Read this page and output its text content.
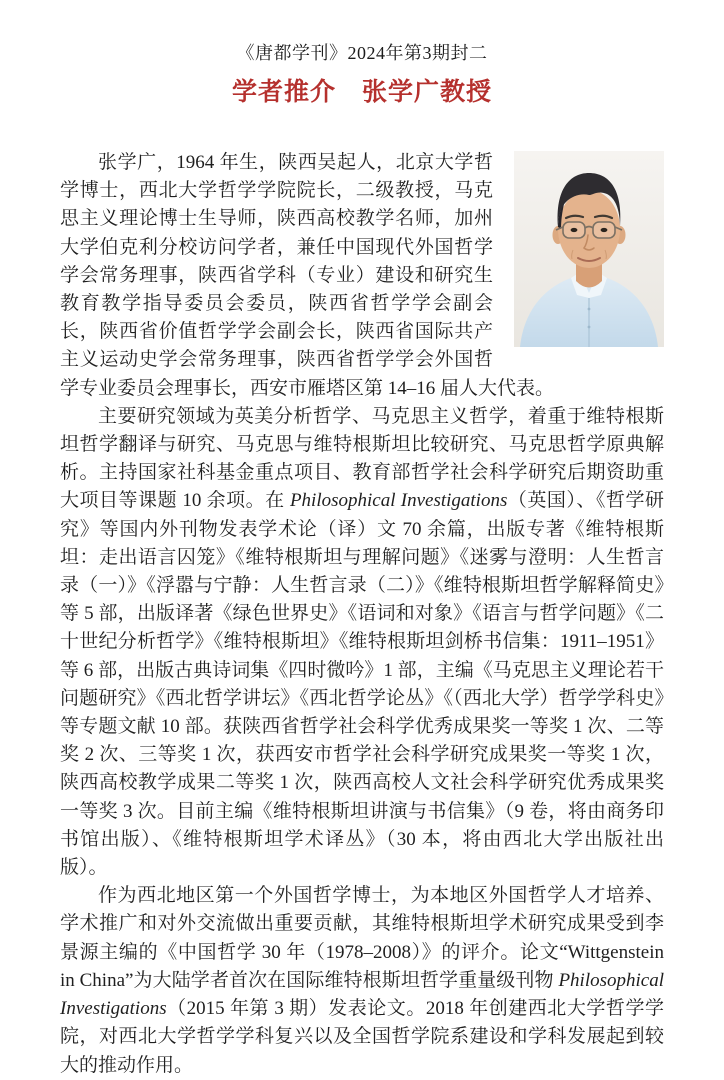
《唐都学刊》2024年第3期封二
学者推介　张学广教授

张学广，1964 年生，陕西吴起人，北京大学哲学博士，西北大学哲学学院院长，二级教授，马克思主义理论博士生导师，陕西高校教学名师，加州大学伯克利分校访问学者，兼任中国现代外国哲学学会常务理事，陕西省学科（专业）建设和研究生教育教学指导委员会委员，陕西省哲学学会副会长，陕西省价值哲学学会副会长，陕西省国际共产主义运动史学会常务理事，陕西省哲学学会外国哲学专业委员会理事长，西安市雁塔区第 14–16 届人大代表。

主要研究领域为英美分析哲学、马克思主义哲学，着重于维特根斯坦哲学翻译与研究、马克思与维特根斯坦比较研究、马克思哲学原典解析。主持国家社科基金重点项目、教育部哲学社会科学研究后期资助重大项目等课题 10 余项。在 Philosophical Investigations（英国）、《哲学研究》等国内外刊物发表学术论（译）文 70 余篇，出版专著《维特根斯坦：走出语言囚笼》《维特根斯坦与理解问题》《迷雾与澄明：人生哲言录（一）》《浮嚣与宁静：人生哲言录（二）》《维特根斯坦哲学解释简史》等 5 部，出版译著《绿色世界史》《语词和对象》《语言与哲学问题》《二十世纪分析哲学》《维特根斯坦》《维特根斯坦剑桥书信集：1911–1951》等 6 部，出版古典诗词集《四时微吟》1 部，主编《马克思主义理论若干问题研究》《西北哲学讲坛》《西北哲学论丛》《（西北大学）哲学学科史》等专题文献 10 部。获陕西省哲学社会科学优秀成果奖一等奖 1 次、二等奖 2 次、三等奖 1 次，获西安市哲学社会科学研究成果奖一等奖 1 次，陕西高校教学成果二等奖 1 次，陕西高校人文社会科学研究优秀成果奖一等奖 3 次。目前主编《维特根斯坦讲演与书信集》（9 卷，将由商务印书馆出版）、《维特根斯坦学术译丛》（30 本，将由西北大学出版社出版）。

作为西北地区第一个外国哲学博士，为本地区外国哲学人才培养、学术推广和对外交流做出重要贡献，其维特根斯坦学术研究成果受到李景源主编的《中国哲学 30 年（1978–2008）》的评介。论文“Wittgenstein in China”为大陆学者首次在国际维特根斯坦哲学重量级刊物 Philosophical Investigations（2015 年第 3 期）发表论文。2018 年创建西北大学哲学学院，对西北大学哲学学科复兴以及全国哲学院系建设和学科发展起到较大的推动作用。
